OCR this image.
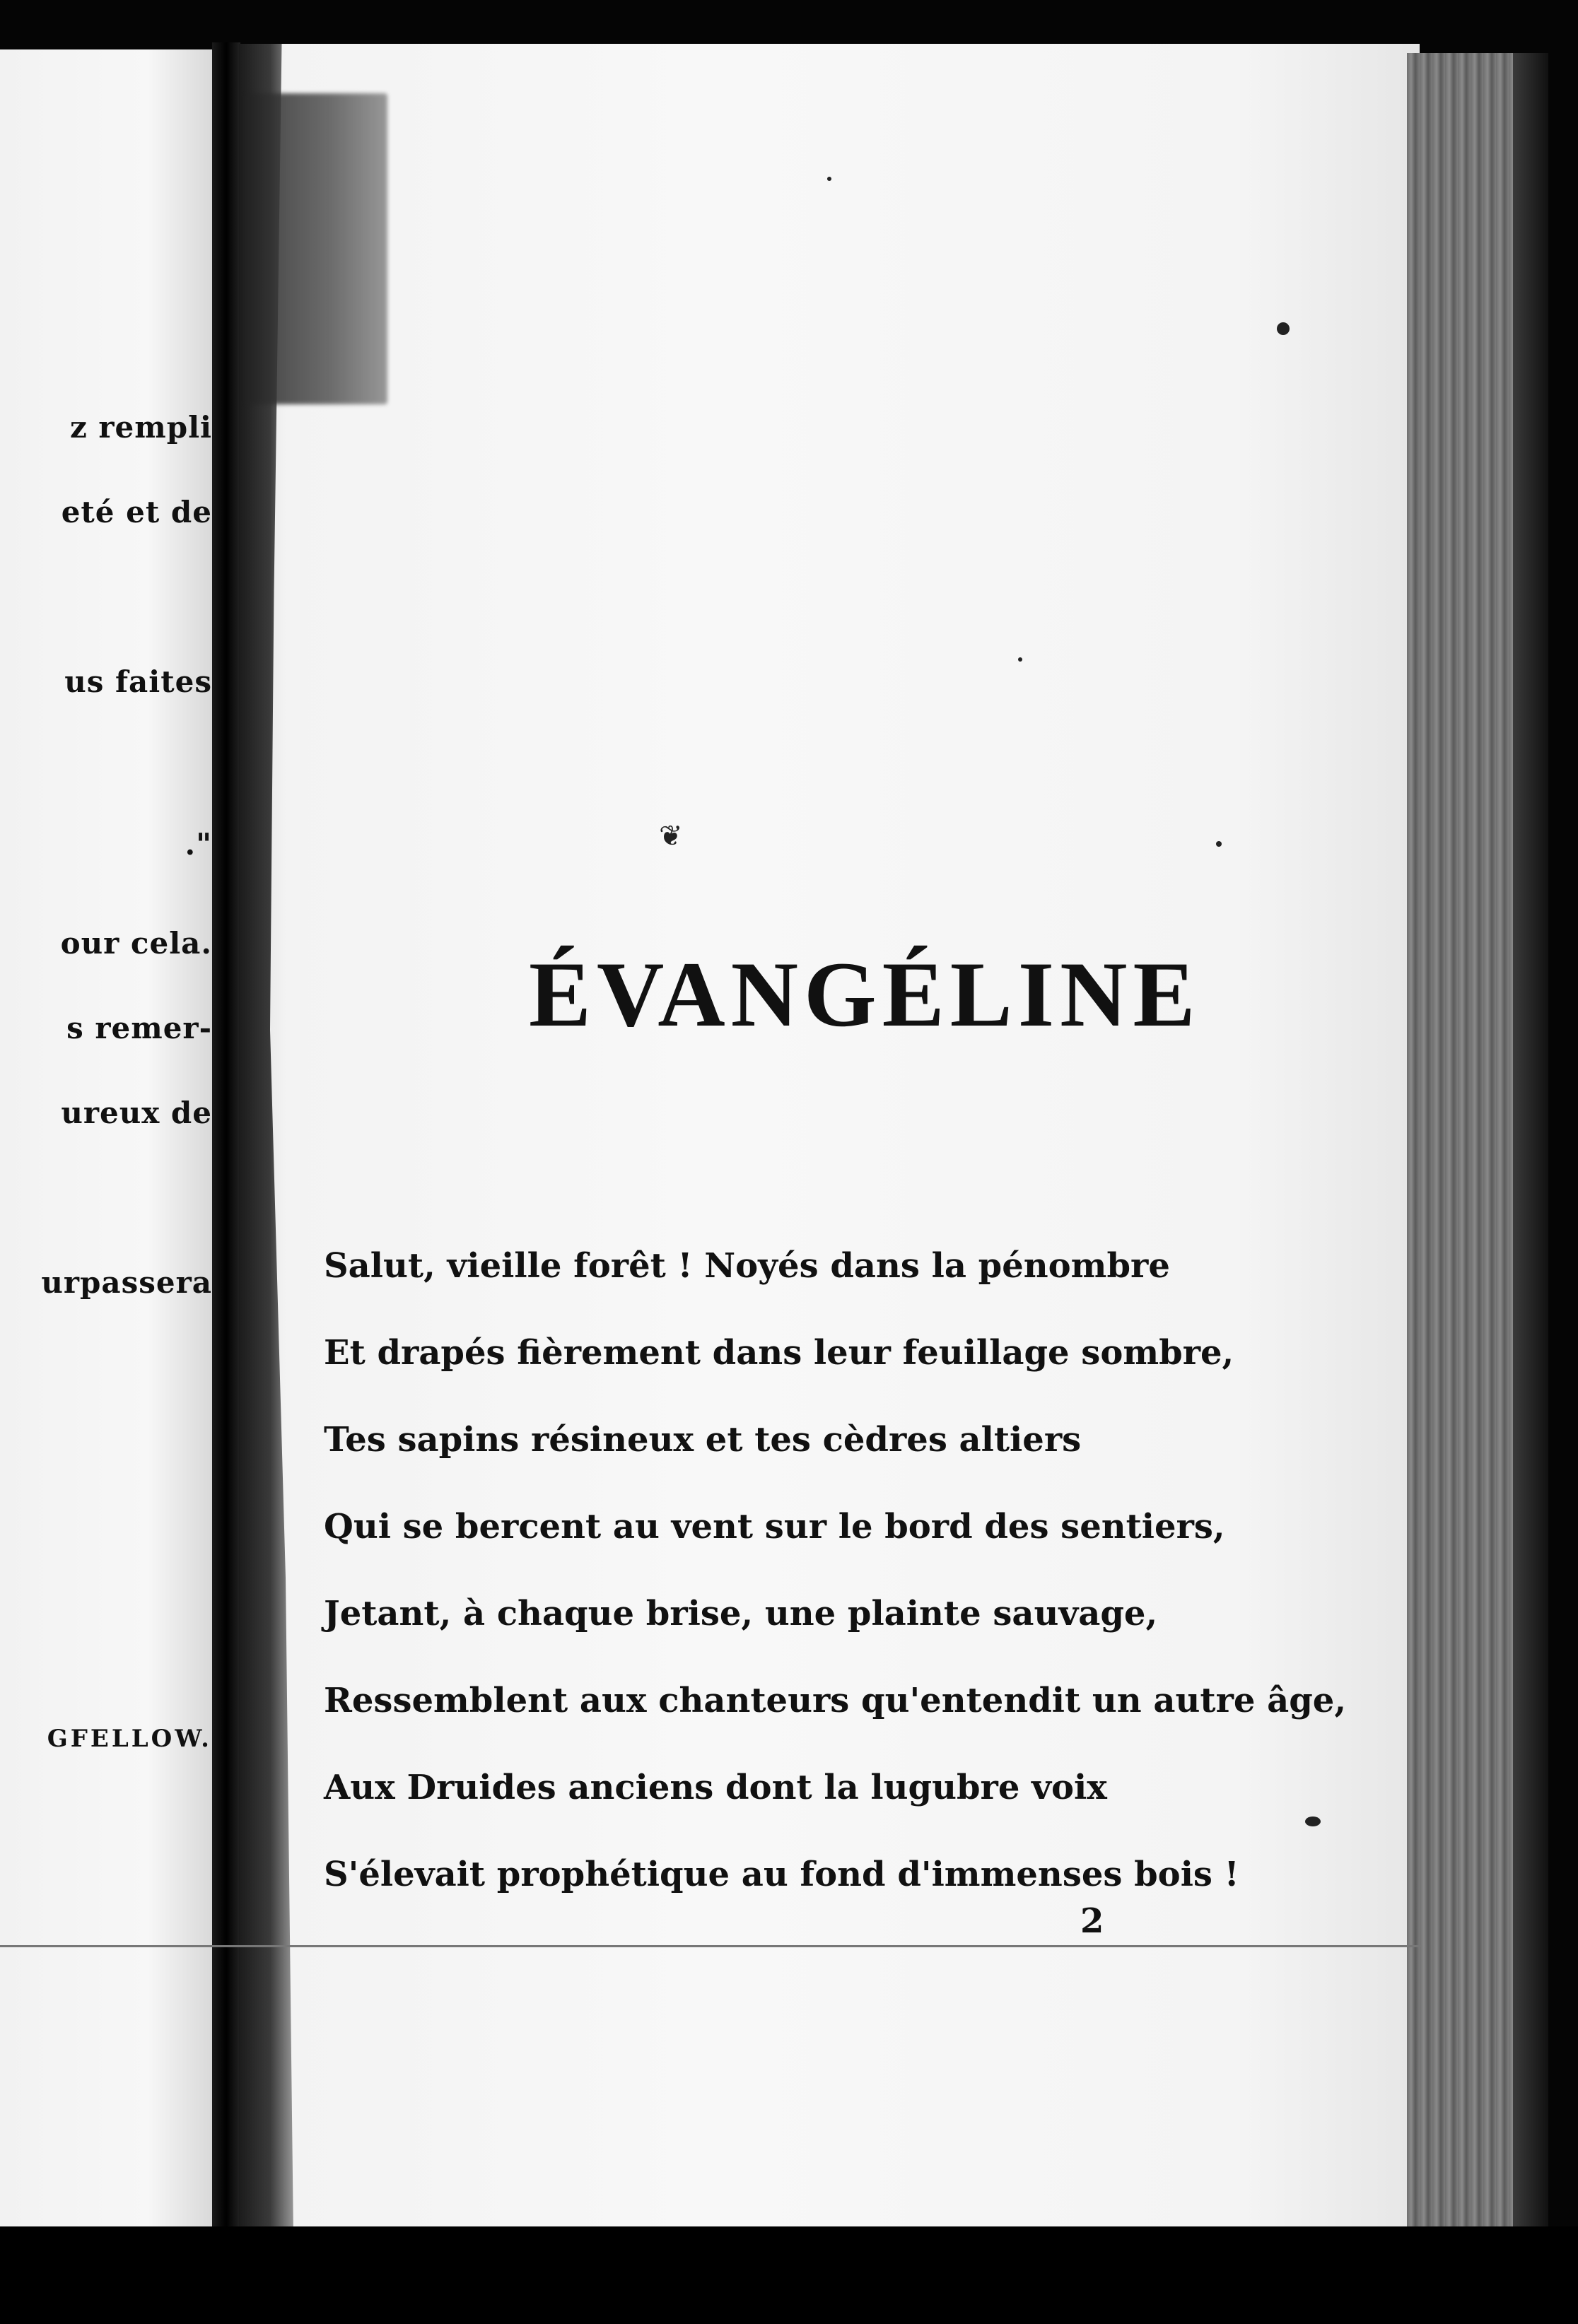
z rempli
eté et de
us faites
."
our cela.
s remer-
ureux de
urpassera
GFELLOW.
❦
ÉVANGÉLINE
Salut, vieille forêt ! Noyés dans la pénombre
Et drapés fièrement dans leur feuillage sombre,
Tes sapins résineux et tes cèdres altiers
Qui se bercent au vent sur le bord des sentiers,
Jetant, à chaque brise, une plainte sauvage,
Ressemblent aux chanteurs qu'entendit un autre âge,
Aux Druides anciens dont la lugubre voix
S'élevait prophétique au fond d'immenses bois !
2
